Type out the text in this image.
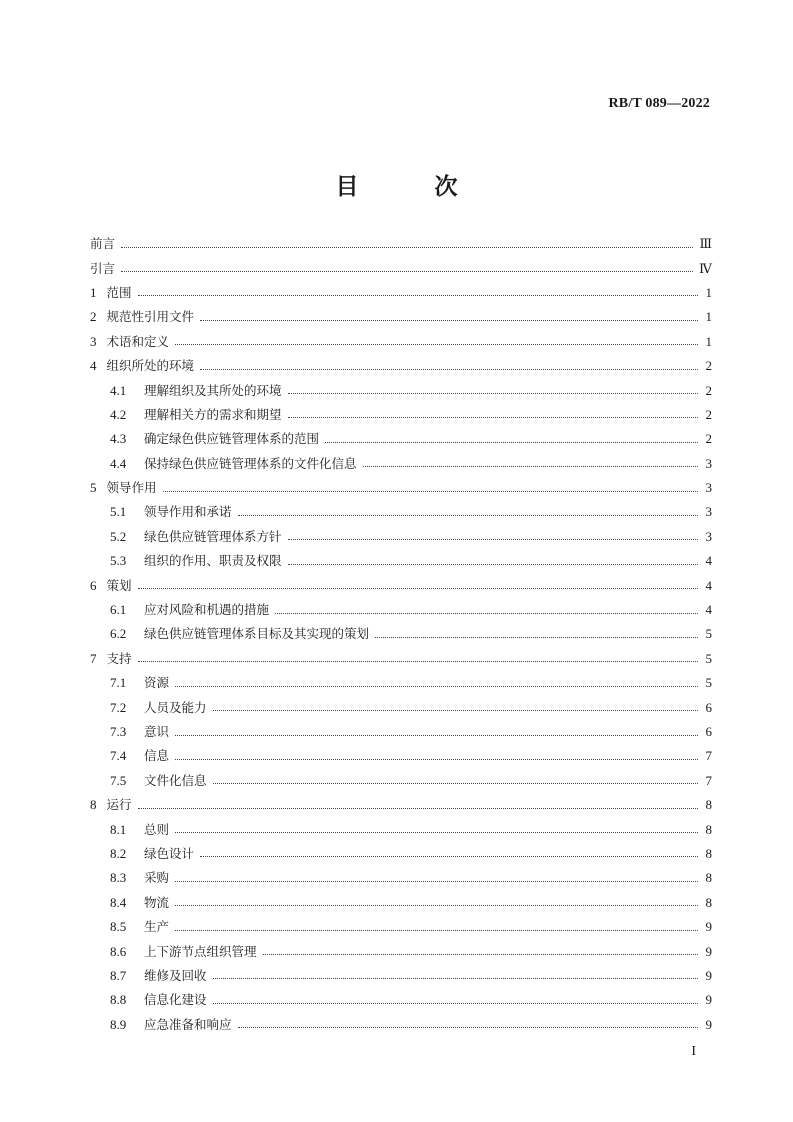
RB/T 089—2022
目 次
前言	Ⅲ
引言	Ⅳ
1 范围	1
2 规范性引用文件	1
3 术语和定义	1
4 组织所处的环境	2
4.1	理解组织及其所处的环境	2
4.2	理解相关方的需求和期望	2
4.3	确定绿色供应链管理体系的范围	2
4.4	保持绿色供应链管理体系的文件化信息	3
5 领导作用	3
5.1	领导作用和承诺	3
5.2	绿色供应链管理体系方针	3
5.3	组织的作用、职责及权限	4
6 策划	4
6.1	应对风险和机遇的措施	4
6.2	绿色供应链管理体系目标及其实现的策划	5
7 支持	5
7.1	资源	5
7.2	人员及能力	6
7.3	意识	6
7.4	信息	7
7.5	文件化信息	7
8 运行	8
8.1	总则	8
8.2	绿色设计	8
8.3	采购	8
8.4	物流	8
8.5	生产	9
8.6	上下游节点组织管理	9
8.7	维修及回收	9
8.8	信息化建设	9
8.9	应急准备和响应	9
I
